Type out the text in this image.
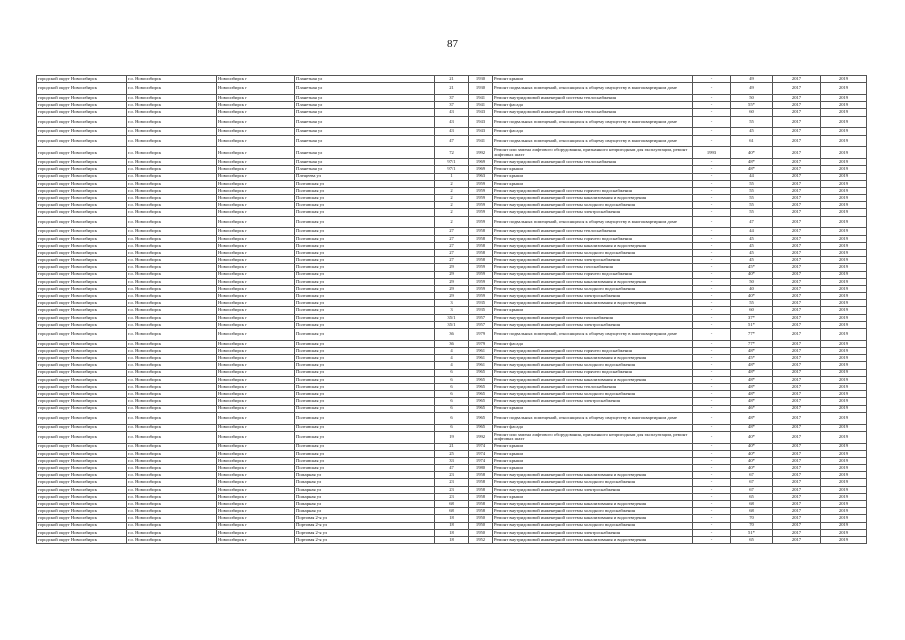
87
городской округ Новосибирск	г.о. Новосибирск	Новосибирск г	Планетная ул	21	1930	Ремонт крыши	-	49	2017	2019
городской округ Новосибирск	г.о. Новосибирск	Новосибирск г	Планетная ул	21	1930	Ремонт подвальных помещений, относящихся к общему имуществу в многоквартирном доме	-	49	2017	2019
городской округ Новосибирск	г.о. Новосибирск	Новосибирск г	Планетная ул	37	1941	Ремонт внутридомовой инженерной системы теплоснабжения	-	50	2017	2019
городской округ Новосибирск	г.о. Новосибирск	Новосибирск г	Планетная ул	37	1941	Ремонт фасада	-	55*	2017	2019
городской округ Новосибирск	г.о. Новосибирск	Новосибирск г	Планетная ул	43	1943	Ремонт внутридомовой инженерной системы теплоснабжения	-	60	2017	2019
городской округ Новосибирск	г.о. Новосибирск	Новосибирск г	Планетная ул	43	1943	Ремонт подвальных помещений, относящихся к общему имуществу в многоквартирном доме	-	55	2017	2019
городской округ Новосибирск	г.о. Новосибирск	Новосибирск г	Планетная ул	43	1943	Ремонт фасада	-	45	2017	2019
городской округ Новосибирск	г.о. Новосибирск	Новосибирск г	Планетная ул	47	1941	Ремонт подвальных помещений, относящихся к общему имуществу в многоквартирном доме	-	61	2017	2019
городской округ Новосибирск	г.о. Новосибирск	Новосибирск г	Планетная ул	72	1992	Ремонт или замена лифтового оборудования, признанного непригодным для эксплуатации, ремонт лифтовых шахт	1993	40*	2017	2019
городской округ Новосибирск	г.о. Новосибирск	Новосибирск г	Планетная ул	97/1	1969	Ремонт внутридомовой инженерной системы теплоснабжения	-	48*	2017	2019
городской округ Новосибирск	г.о. Новосибирск	Новосибирск г	Планетная ул	97/1	1969	Ремонт крыши	-	48*	2017	2019
городской округ Новосибирск	г.о. Новосибирск	Новосибирск г	Плещеева ул	1	1963	Ремонт крыши	-	44	2017	2019
городской округ Новосибирск	г.о. Новосибирск	Новосибирск г	Полтавская ул	2	1959	Ремонт крыши	-	55	2017	2019
городской округ Новосибирск	г.о. Новосибирск	Новосибирск г	Полтавская ул	2	1959	Ремонт внутридомовой инженерной системы горячего водоснабжения	-	55	2017	2019
городской округ Новосибирск	г.о. Новосибирск	Новосибирск г	Полтавская ул	2	1959	Ремонт внутридомовой инженерной системы канализования и водоотведения	-	55	2017	2019
городской округ Новосибирск	г.о. Новосибирск	Новосибирск г	Полтавская ул	2	1959	Ремонт внутридомовой инженерной системы холодного водоснабжения	-	55	2017	2019
городской округ Новосибирск	г.о. Новосибирск	Новосибирск г	Полтавская ул	2	1959	Ремонт внутридомовой инженерной системы электроснабжения	-	55	2017	2019
городской округ Новосибирск	г.о. Новосибирск	Новосибирск г	Полтавская ул	2	1959	Ремонт подвальных помещений, относящихся к общему имуществу в многоквартирном доме	-	47	2017	2019
городской округ Новосибирск	г.о. Новосибирск	Новосибирск г	Полтавская ул	27	1958	Ремонт внутридомовой инженерной системы теплоснабжения	-	44	2017	2019
городской округ Новосибирск	г.о. Новосибирск	Новосибирск г	Полтавская ул	27	1958	Ремонт внутридомовой инженерной системы горячего водоснабжения	-	45	2017	2019
городской округ Новосибирск	г.о. Новосибирск	Новосибирск г	Полтавская ул	27	1958	Ремонт внутридомовой инженерной системы канализования и водоотведения	-	45	2017	2019
городской округ Новосибирск	г.о. Новосибирск	Новосибирск г	Полтавская ул	27	1958	Ремонт внутридомовой инженерной системы холодного водоснабжения	-	45	2017	2019
городской округ Новосибирск	г.о. Новосибирск	Новосибирск г	Полтавская ул	27	1958	Ремонт внутридомовой инженерной системы электроснабжения	-	45	2017	2019
городской округ Новосибирск	г.о. Новосибирск	Новосибирск г	Полтавская ул	29	1959	Ремонт внутридомовой инженерной системы газоснабжения	-	45*	2017	2019
городской округ Новосибирск	г.о. Новосибирск	Новосибирск г	Полтавская ул	29	1959	Ремонт внутридомовой инженерной системы горячего водоснабжения	-	40*	2017	2019
городской округ Новосибирск	г.о. Новосибирск	Новосибирск г	Полтавская ул	29	1959	Ремонт внутридомовой инженерной системы канализования и водоотведения	-	50	2017	2019
городской округ Новосибирск	г.о. Новосибирск	Новосибирск г	Полтавская ул	29	1959	Ремонт внутридомовой инженерной системы холодного водоснабжения	-	40	2017	2019
городской округ Новосибирск	г.о. Новосибирск	Новосибирск г	Полтавская ул	29	1959	Ремонт внутридомовой инженерной системы электроснабжения	-	40*	2017	2019
городской округ Новосибирск	г.о. Новосибирск	Новосибирск г	Полтавская ул	3	1935	Ремонт внутридомовой инженерной системы канализования и водоотведения	-	55	2017	2019
городской округ Новосибирск	г.о. Новосибирск	Новосибирск г	Полтавская ул	3	1935	Ремонт крыши	-	60	2017	2019
городской округ Новосибирск	г.о. Новосибирск	Новосибирск г	Полтавская ул	35/1	1957	Ремонт внутридомовой инженерной системы газоснабжения	-	37*	2017	2019
городской округ Новосибирск	г.о. Новосибирск	Новосибирск г	Полтавская ул	35/1	1957	Ремонт внутридомовой инженерной системы электроснабжения	-	51*	2017	2019
городской округ Новосибирск	г.о. Новосибирск	Новосибирск г	Полтавская ул	36	1979	Ремонт подвальных помещений, относящихся к общему имуществу в многоквартирном доме	-	77*	2017	2019
городской округ Новосибирск	г.о. Новосибирск	Новосибирск г	Полтавская ул	36	1979	Ремонт фасада	-	77*	2017	2019
городской округ Новосибирск	г.о. Новосибирск	Новосибирск г	Полтавская ул	4	1961	Ремонт внутридомовой инженерной системы горячего водоснабжения	-	48*	2017	2019
городской округ Новосибирск	г.о. Новосибирск	Новосибирск г	Полтавская ул	4	1961	Ремонт внутридомовой инженерной системы канализования и водоотведения	-	45*	2017	2019
городской округ Новосибирск	г.о. Новосибирск	Новосибирск г	Полтавская ул	4	1961	Ремонт внутридомовой инженерной системы холодного водоснабжения	-	48*	2017	2019
городской округ Новосибирск	г.о. Новосибирск	Новосибирск г	Полтавская ул	6	1965	Ремонт внутридомовой инженерной системы горячего водоснабжения	-	48*	2017	2019
городской округ Новосибирск	г.о. Новосибирск	Новосибирск г	Полтавская ул	6	1965	Ремонт внутридомовой инженерной системы канализования и водоотведения	-	48*	2017	2019
городской округ Новосибирск	г.о. Новосибирск	Новосибирск г	Полтавская ул	6	1965	Ремонт внутридомовой инженерной системы теплоснабжения	-	48*	2017	2019
городской округ Новосибирск	г.о. Новосибирск	Новосибирск г	Полтавская ул	6	1965	Ремонт внутридомовой инженерной системы холодного водоснабжения	-	48*	2017	2019
городской округ Новосибирск	г.о. Новосибирск	Новосибирск г	Полтавская ул	6	1965	Ремонт внутридомовой инженерной системы электроснабжения	-	48*	2017	2019
городской округ Новосибирск	г.о. Новосибирск	Новосибирск г	Полтавская ул	6	1965	Ремонт крыши	-	46*	2017	2019
городской округ Новосибирск	г.о. Новосибирск	Новосибирск г	Полтавская ул	6	1965	Ремонт подвальных помещений, относящихся к общему имуществу в многоквартирном доме	-	48*	2017	2019
городской округ Новосибирск	г.о. Новосибирск	Новосибирск г	Полтавская ул	6	1965	Ремонт фасада	-	48*	2017	2019
городской округ Новосибирск	г.о. Новосибирск	Новосибирск г	Полтавская ул	19	1992	Ремонт или замена лифтового оборудования, признанного непригодным для эксплуатации, ремонт лифтовых шахт	-	40*	2017	2019
городской округ Новосибирск	г.о. Новосибирск	Новосибирск г	Полтавская ул	21	1974	Ремонт крыши	-	40*	2017	2019
городской округ Новосибирск	г.о. Новосибирск	Новосибирск г	Полтавская ул	25	1974	Ремонт крыши	-	40*	2017	2019
городской округ Новосибирск	г.о. Новосибирск	Новосибирск г	Полтавская ул	33	1974	Ремонт крыши	-	40*	2017	2019
городской округ Новосибирск	г.о. Новосибирск	Новосибирск г	Полтавская ул	47	1980	Ремонт крыши	-	40*	2017	2019
городской округ Новосибирск	г.о. Новосибирск	Новосибирск г	Пожарная ул	23	1958	Ремонт внутридомовой инженерной системы канализования и водоотведения	-	67	2017	2019
городской округ Новосибирск	г.о. Новосибирск	Новосибирск г	Пожарная ул	23	1958	Ремонт внутридомовой инженерной системы холодного водоснабжения	-	67	2017	2019
городской округ Новосибирск	г.о. Новосибирск	Новосибирск г	Пожарная ул	23	1958	Ремонт внутридомовой инженерной системы электроснабжения	-	67	2017	2019
городской округ Новосибирск	г.о. Новосибирск	Новосибирск г	Пожарная ул	23	1958	Ремонт крыши	-	65	2017	2019
городской округ Новосибирск	г.о. Новосибирск	Новосибирск г	Пожарная ул	68	1958	Ремонт внутридомовой инженерной системы канализования и водоотведения	-	68	2017	2019
городской округ Новосибирск	г.о. Новосибирск	Новосибирск г	Пожарная ул	68	1958	Ремонт внутридомовой инженерной системы холодного водоснабжения	-	68	2017	2019
городской округ Новосибирск	г.о. Новосибирск	Новосибирск г	Портовая 2-я ул	18	1950	Ремонт внутридомовой инженерной системы канализования и водоотведения	-	70	2017	2019
городской округ Новосибирск	г.о. Новосибирск	Новосибирск г	Портовая 2-я ул	18	1950	Ремонт внутридомовой инженерной системы холодного водоснабжения	-	70	2017	2019
городской округ Новосибирск	г.о. Новосибирск	Новосибирск г	Портовая 2-я ул	18	1950	Ремонт внутридомовой инженерной системы электроснабжения	-	51*	2017	2019
городской округ Новосибирск	г.о. Новосибирск	Новосибирск г	Портовая 2-я ул	18	1952	Ремонт внутридомовой инженерной системы канализования и водоотведения	-	65	2017	2019
